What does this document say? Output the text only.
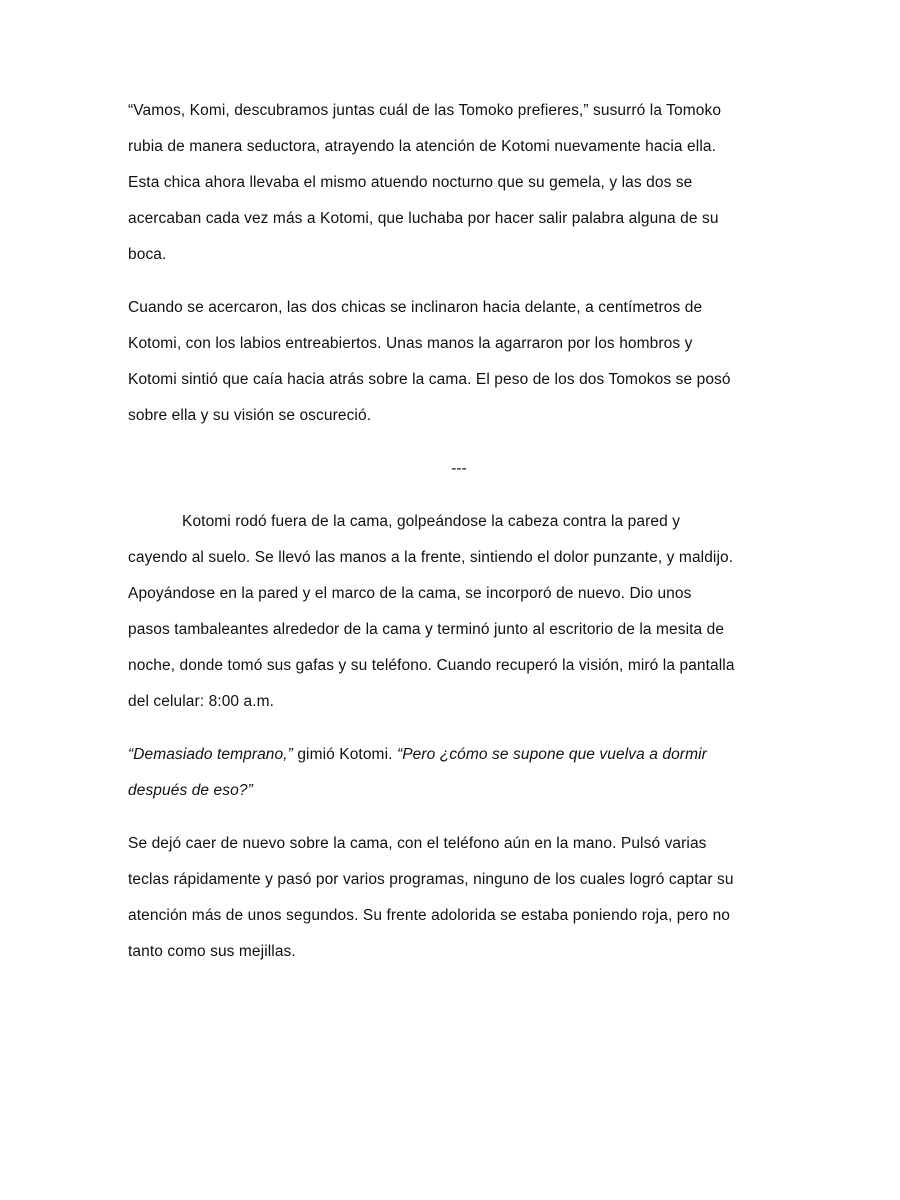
“Vamos, Komi, descubramos juntas cuál de las Tomoko prefieres,” susurró la Tomoko
rubia de manera seductora, atrayendo la atención de Kotomi nuevamente hacia ella.
Esta chica ahora llevaba el mismo atuendo nocturno que su gemela, y las dos se
acercaban cada vez más a Kotomi, que luchaba por hacer salir palabra alguna de su
boca.

Cuando se acercaron, las dos chicas se inclinaron hacia delante, a centímetros de
Kotomi, con los labios entreabiertos. Unas manos la agarraron por los hombros y
Kotomi sintió que caía hacia atrás sobre la cama. El peso de los dos Tomokos se posó
sobre ella y su visión se oscureció.

---

Kotomi rodó fuera de la cama, golpeándose la cabeza contra la pared y
cayendo al suelo. Se llevó las manos a la frente, sintiendo el dolor punzante, y maldijo.
Apoyándose en la pared y el marco de la cama, se incorporó de nuevo. Dio unos
pasos tambaleantes alrededor de la cama y terminó junto al escritorio de la mesita de
noche, donde tomó sus gafas y su teléfono. Cuando recuperó la visión, miró la pantalla
del celular: 8:00 a.m.

“Demasiado temprano,” gimió Kotomi. “Pero ¿cómo se supone que vuelva a dormir
después de eso?”

Se dejó caer de nuevo sobre la cama, con el teléfono aún en la mano. Pulsó varias
teclas rápidamente y pasó por varios programas, ninguno de los cuales logró captar su
atención más de unos segundos. Su frente adolorida se estaba poniendo roja, pero no
tanto como sus mejillas.
